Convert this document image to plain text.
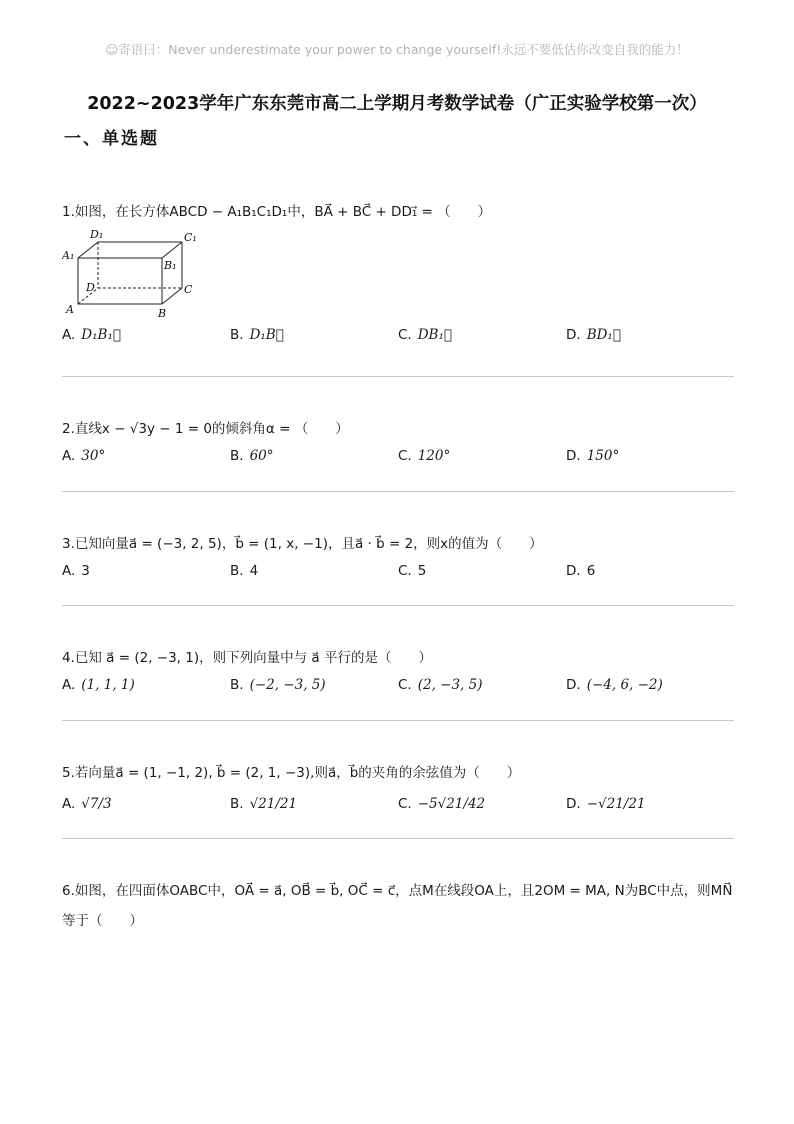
☺寄语曰：Never underestimate your power to change yourself!永远不要低估你改变自我的能力！
2022~2023学年广东东莞市高二上学期月考数学试卷（广正实验学校第一次）
一、单选题
1.如图，在长方体ABCD − A₁B₁C₁D₁中，BA⃗ + BC⃗ + DD₁⃗ = （　　）
D₁	C₁
A₁
B₁
D	C
A	B
A. D₁B₁⃗	B. D₁B⃗	C. DB₁⃗	D. BD₁⃗
2.直线x − √3y − 1 = 0的倾斜角α = （　　）
A. 30°	B. 60°	C. 120°	D. 150°
3.已知向量a⃗ = (−3, 2, 5)，b⃗ = (1, x, −1)，且a⃗ · b⃗ = 2，则x的值为（　　）
A. 3	B. 4	C. 5	D. 6
4.已知 a⃗ = (2, −3, 1)，则下列向量中与 a⃗ 平行的是（　　）
A. (1, 1, 1)	B. (−2, −3, 5)	C. (2, −3, 5)	D. (−4, 6, −2)
5.若向量a⃗ = (1, −1, 2), b⃗ = (2, 1, −3),则a⃗，b⃗的夹角的余弦值为（　　）
A. √7/3	B. √21/21	C. −5√21/42	D. −√21/21
6.如图，在四面体OABC中，OA⃗ = a⃗, OB⃗ = b⃗, OC⃗ = c⃗，点M在线段OA上，且2OM = MA, N为BC中点，则MN⃗等于（　　）
